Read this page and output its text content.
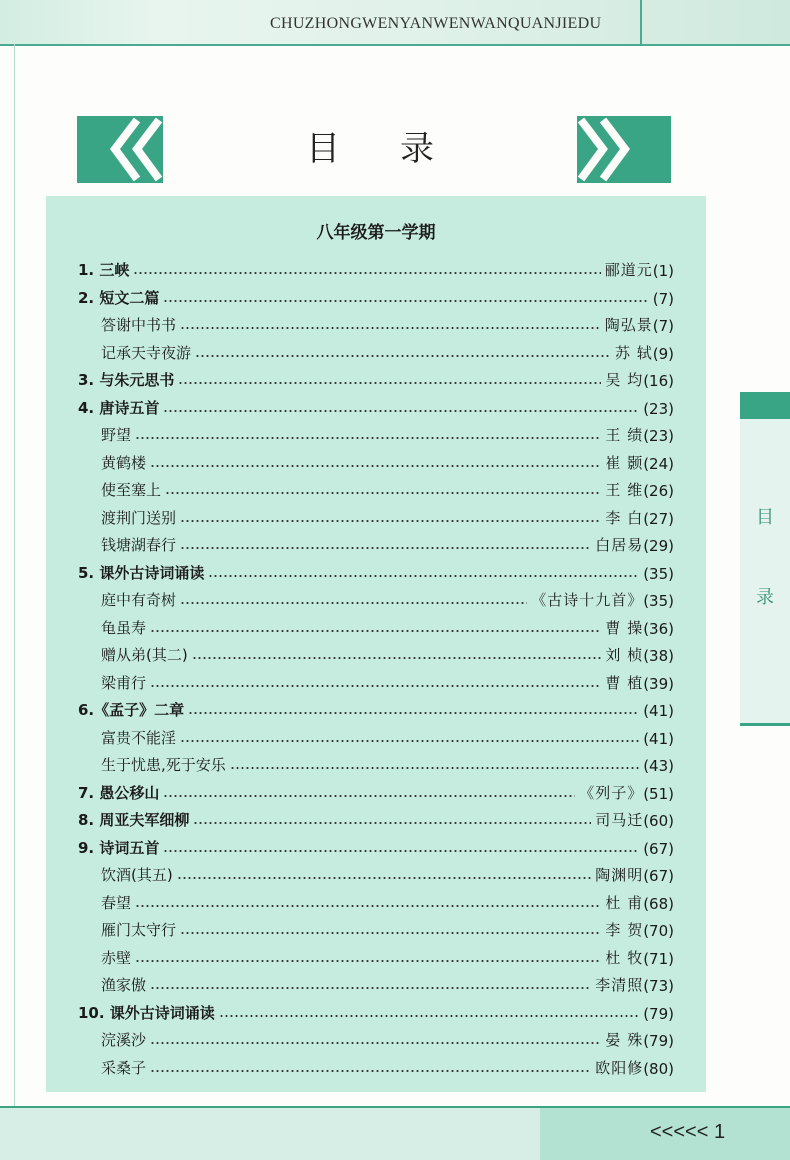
CHUZHONGWENYANWENWANQUANJIEDU
目录
八年级第一学期
1. 三峡	郦道元 (1)
2. 短文二篇	(7)
答谢中书书	陶弘景 (7)
记承天寺夜游	苏 轼 (9)
3. 与朱元思书	吴 均 (16)
4. 唐诗五首	(23)
野望	王 绩 (23)
黄鹤楼	崔 颢 (24)
使至塞上	王 维 (26)
渡荆门送别	李 白 (27)
钱塘湖春行	白居易 (29)
5. 课外古诗词诵读	(35)
庭中有奇树	《古诗十九首》 (35)
龟虽寿	曹 操 (36)
赠从弟(其二)	刘 桢 (38)
梁甫行	曹 植 (39)
6.《孟子》二章	(41)
富贵不能淫	(41)
生于忧患,死于安乐	(43)
7. 愚公移山	《列子》 (51)
8. 周亚夫军细柳	司马迁 (60)
9. 诗词五首	(67)
饮酒(其五)	陶渊明 (67)
春望	杜 甫 (68)
雁门太守行	李 贺 (70)
赤壁	杜 牧 (71)
渔家傲	李清照 (73)
10. 课外古诗词诵读	(79)
浣溪沙	晏 殊 (79)
采桑子	欧阳修 (80)
目
录
<<<<< 1
